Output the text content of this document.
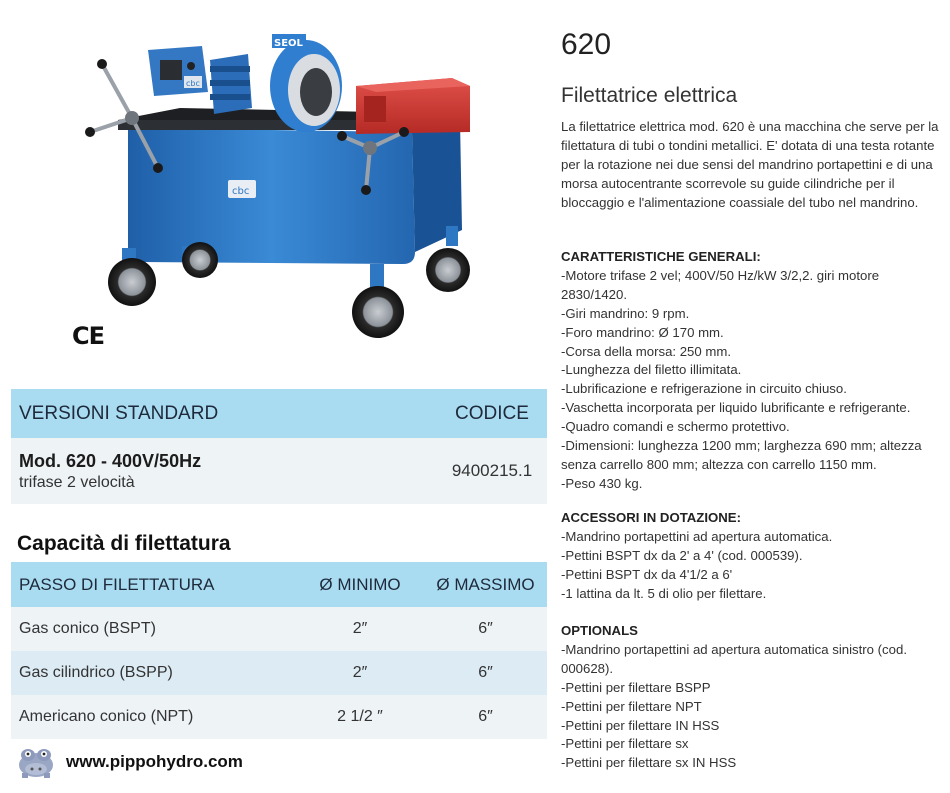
cbc
cbc
SEOL
CE
VERSIONI STANDARD	CODICE

Mod. 620 - 400V/50Hz
trifase 2 velocità	9400215.1
Capacità di filettatura
PASSO DI FILETTATURA	Ø MINIMO	Ø MASSIMO
Gas conico (BSPT)	2″	6″
Gas cilindrico (BSPP)	2″	6″
Americano conico (NPT)	2 1/2 ″	6″
www.pippohydro.com
620
Filettatrice elettrica
La filettatrice elettrica mod. 620 è una macchina che serve per la filettatura di tubi o tondini metallici. E' dotata di una testa rotante per la rotazione nei due sensi del mandrino portapettini e di una morsa autocentrante scorrevole su guide cilindriche per il bloccaggio e l'alimentazione coassiale del tubo nel mandrino.
CARATTERISTICHE GENERALI:
-Motore trifase 2 vel; 400V/50 Hz/kW 3/2,2. giri motore 2830/1420.
-Giri mandrino: 9 rpm.
-Foro mandrino: Ø 170 mm.
-Corsa della morsa: 250 mm.
-Lunghezza del filetto illimitata.
-Lubrificazione e refrigerazione in circuito chiuso.
-Vaschetta incorporata per liquido lubrificante e refrigerante.
-Quadro comandi e schermo protettivo.
-Dimensioni: lunghezza 1200 mm; larghezza 690 mm; altezza senza carrello 800 mm; altezza con carrello 1150 mm.
-Peso 430 kg.
ACCESSORI IN DOTAZIONE:
-Mandrino portapettini ad apertura automatica.
-Pettini BSPT dx da 2' a 4' (cod. 000539).
-Pettini BSPT dx da 4'1/2 a 6'
-1 lattina da lt. 5 di olio per filettare.
OPTIONALS
-Mandrino portapettini ad apertura automatica sinistro (cod. 000628).
-Pettini per filettare BSPP
-Pettini per filettare NPT
-Pettini per filettare IN HSS
-Pettini per filettare sx
-Pettini per filettare sx IN HSS
